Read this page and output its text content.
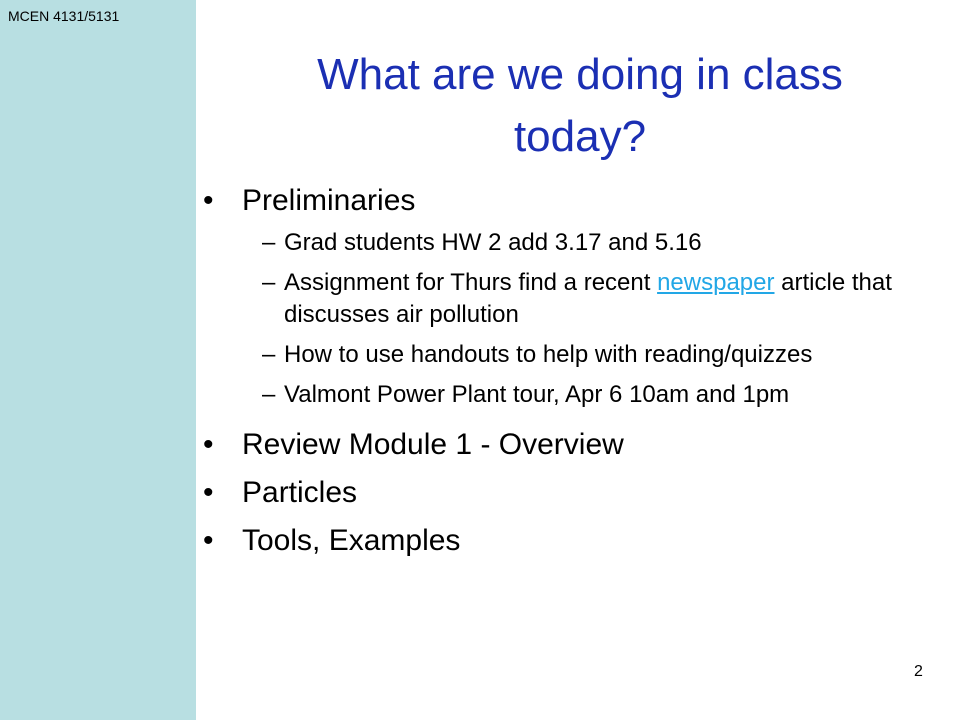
MCEN 4131/5131
What are we doing in class
today?
• Preliminaries
– Grad students HW 2 add 3.17 and 5.16
– Assignment for Thurs find a recent newspaper article that discusses air pollution
– How to use handouts to help with reading/quizzes
– Valmont Power Plant tour, Apr 6 10am and 1pm
• Review Module 1 - Overview
• Particles
• Tools, Examples
2
